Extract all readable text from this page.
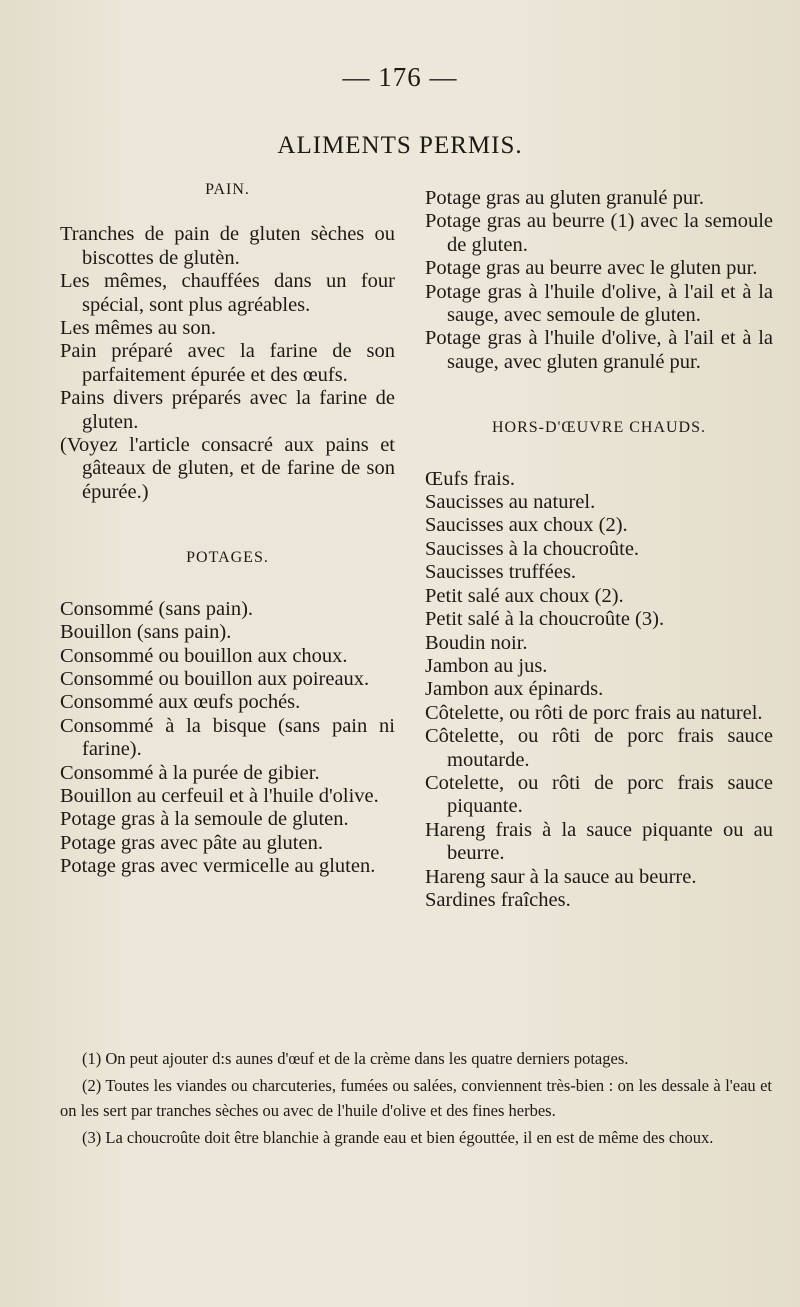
— 176 —
ALIMENTS PERMIS.
PAIN.
Tranches de pain de gluten sèches ou biscottes de glutèn.
Les mêmes, chauffées dans un four spécial, sont plus agréables.
Les mêmes au son.
Pain préparé avec la farine de son parfaitement épurée et des œufs.
Pains divers préparés avec la farine de gluten.
(Voyez l'article consacré aux pains et gâteaux de gluten, et de farine de son épurée.)
POTAGES.
Consommé (sans pain).
Bouillon (sans pain).
Consommé ou bouillon aux choux.
Consommé ou bouillon aux poireaux.
Consommé aux œufs pochés.
Consommé à la bisque (sans pain ni farine).
Consommé à la purée de gibier.
Bouillon au cerfeuil et à l'huile d'olive.
Potage gras à la semoule de gluten.
Potage gras avec pâte au gluten.
Potage gras avec vermicelle au gluten.
Potage gras au gluten granulé pur.
Potage gras au beurre (1) avec la semoule de gluten.
Potage gras au beurre avec le gluten pur.
Potage gras à l'huile d'olive, à l'ail et à la sauge, avec semoule de gluten.
Potage gras à l'huile d'olive, à l'ail et à la sauge, avec gluten granulé pur.
HORS-D'ŒUVRE CHAUDS.
Œufs frais.
Saucisses au naturel.
Saucisses aux choux (2).
Saucisses à la choucroûte.
Saucisses truffées.
Petit salé aux choux (2).
Petit salé à la choucroûte (3).
Boudin noir.
Jambon au jus.
Jambon aux épinards.
Côtelette, ou rôti de porc frais au naturel.
Côtelette, ou rôti de porc frais sauce moutarde.
Cotelette, ou rôti de porc frais sauce piquante.
Hareng frais à la sauce piquante ou au beurre.
Hareng saur à la sauce au beurre.
Sardines fraîches.
(1) On peut ajouter d:s aunes d'œuf et de la crème dans les quatre derniers potages.
(2) Toutes les viandes ou charcuteries, fumées ou salées, conviennent très-bien : on les dessale à l'eau et on les sert par tranches sèches ou avec de l'huile d'olive et des fines herbes.
(3) La choucroûte doit être blanchie à grande eau et bien égouttée, il en est de même des choux.
